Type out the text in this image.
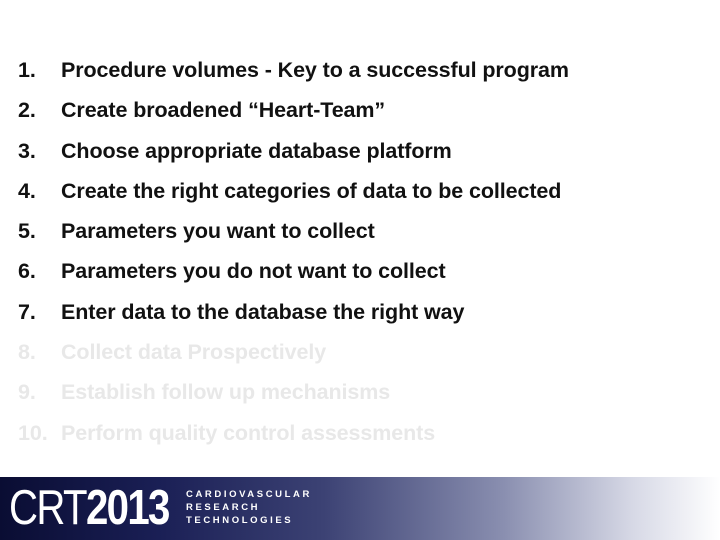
1.	Procedure volumes - Key to a successful program
2.	Create broadened “Heart-Team”
3.	Choose appropriate database platform
4.	Create the right categories of data to be collected
5.	Parameters you want to collect
6.	Parameters you do not want to collect
7.	Enter data to the database the right way
8.	Collect data Prospectively
9.	Establish follow up mechanisms
10. Perform quality control assessments
CRT2013 CARDIOVASCULAR
RESEARCH
TECHNOLOGIES
